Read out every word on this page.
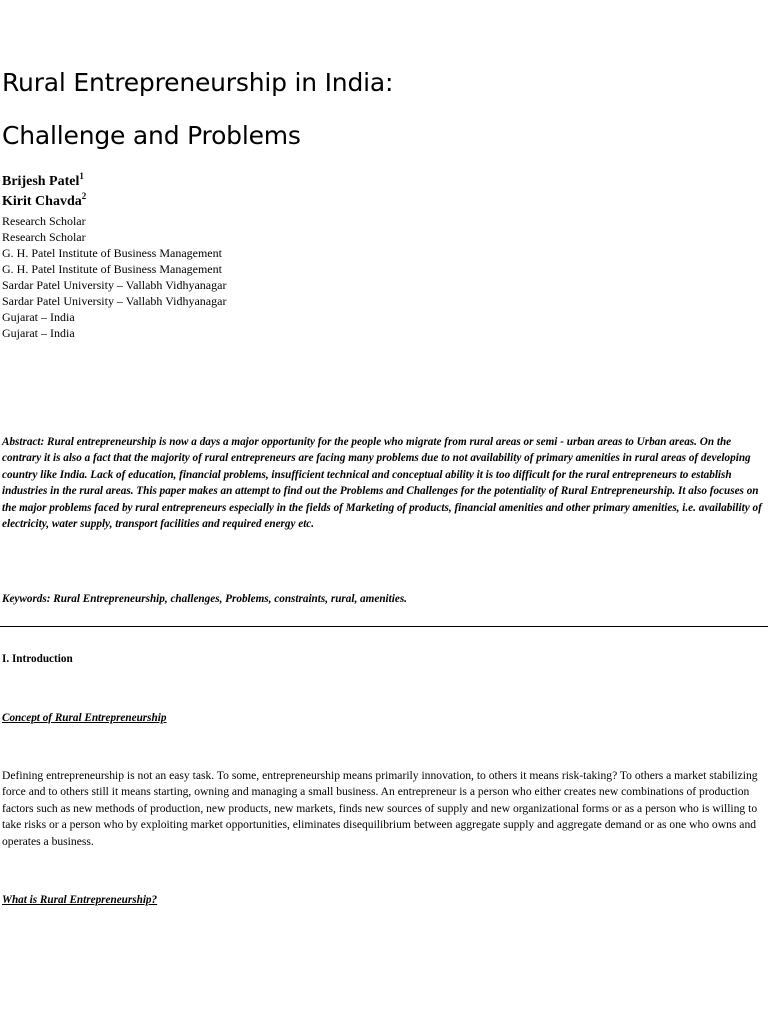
Rural Entrepreneurship in India:
Challenge and Problems
Brijesh Patel$^1$
Kirit Chavda$^2$
Research Scholar
Research Scholar
G. H. Patel Institute of Business Management
G. H. Patel Institute of Business Management
Sardar Patel University – Vallabh Vidhyanagar
Sardar Patel University – Vallabh Vidhyanagar
Gujarat – India
Gujarat – India
Abstract: Rural entrepreneurship is now a days a major opportunity for the people who migrate from rural areas or semi - urban areas to Urban areas. On the contrary it is also a fact that the majority of rural entrepreneurs are facing many problems due to not availability of primary amenities in rural areas of developing country like India. Lack of education, financial problems, insufficient technical and conceptual ability it is too difficult for the rural entrepreneurs to establish industries in the rural areas. This paper makes an attempt to find out the Problems and Challenges for the potentiality of Rural Entrepreneurship. It also focuses on the major problems faced by rural entrepreneurs especially in the fields of Marketing of products, financial amenities and other primary amenities, i.e. availability of electricity, water supply, transport facilities and required energy etc.
Keywords: Rural Entrepreneurship, challenges, Problems, constraints, rural, amenities.
I. Introduction
Concept of Rural Entrepreneurship
Defining entrepreneurship is not an easy task. To some, entrepreneurship means primarily innovation, to others it means risk-taking? To others a market stabilizing force and to others still it means starting, owning and managing a small business. An entrepreneur is a person who either creates new combinations of production factors such as new methods of production, new products, new markets, finds new sources of supply and new organizational forms or as a person who is willing to take risks or a person who by exploiting market opportunities, eliminates disequilibrium between aggregate supply and aggregate demand or as one who owns and operates a business.
What is Rural Entrepreneurship?
